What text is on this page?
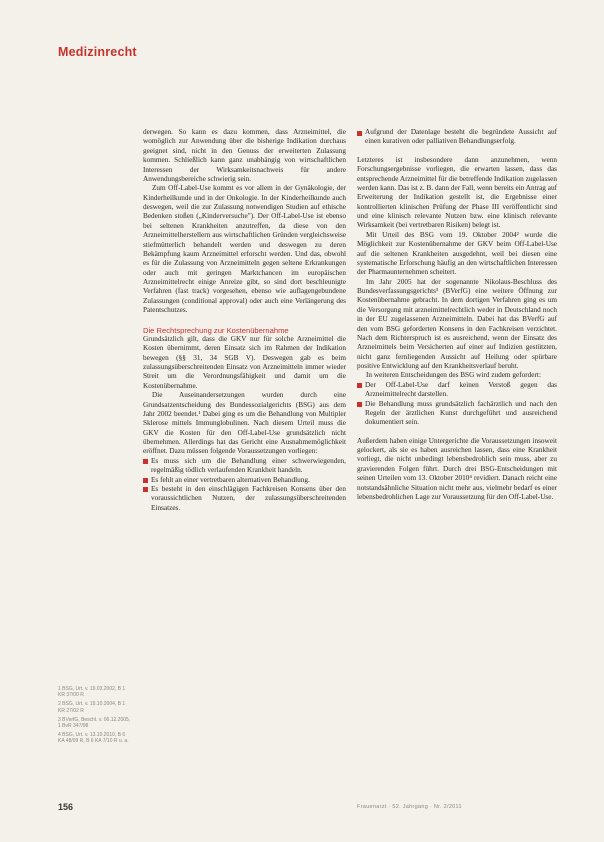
Medizinrecht

derwegen. So kann es dazu kommen, dass Arzneimittel, die womöglich zur Anwendung über die bisherige Indikation durchaus geeignet sind, nicht in den Genuss der erweiterten Zulassung kommen. Schließlich kann ganz unabhängig von wirtschaftlichen Interessen der Wirksamkeitsnachweis für andere Anwendungsbereiche schwierig sein.

Zum Off-Label-Use kommt es vor allem in der Gynäkologie, der Kinderheilkunde und in der Onkologie. In der Kinderheilkunde auch deswegen, weil die zur Zulassung notwendigen Studien auf ethische Bedenken stoßen („Kinderversuche"). Der Off-Label-Use ist ebenso bei seltenen Krankheiten anzutreffen, da diese von den Arzneimittelherstellern aus wirtschaftlichen Gründen vergleichsweise stiefmütterlich behandelt werden und deswegen zu deren Bekämpfung kaum Arzneimittel erforscht werden. Und das, obwohl es für die Zulassung von Arzneimitteln gegen seltene Erkrankungen oder auch mit geringen Marktchancen im europäischen Arzneimittelrecht einige Anreize gibt, so sind dort beschleunigte Verfahren (fast track) vorgesehen, ebenso wie auflagengebundene Zulassungen (conditional approval) oder auch eine Verlängerung des Patentschutzes.

Die Rechtsprechung zur Kostenübernahme

Grundsätzlich gilt, dass die GKV nur für solche Arzneimittel die Kosten übernimmt, deren Einsatz sich im Rahmen der Indikation bewegen (§§ 31, 34 SGB V). Deswegen gab es beim zulassungsüberschreitenden Einsatz von Arzneimitteln immer wieder Streit um die Verordnungsfähigkeit und damit um die Kostenübernahme.

Die Auseinandersetzungen wurden durch eine Grundsatzentscheidung des Bundessozialgerichts (BSG) aus dem Jahr 2002 beendet.¹ Dabei ging es um die Behandlung von Multipler Sklerose mittels Immunglobulinen. Nach diesem Urteil muss die GKV die Kosten für den Off-Label-Use grundsätzlich nicht übernehmen. Allerdings hat das Gericht eine Ausnahmemöglichkeit eröffnet. Dazu müssen folgende Voraussetzungen vorliegen:

Es muss sich um die Behandlung einer schwerwiegenden, regelmäßig tödlich verlaufenden Krankheit handeln.
Es fehlt an einer vertretbaren alternativen Behandlung.
Es besteht in den einschlägigen Fachkreisen Konsens über den voraussichtlichen Nutzen, der zulassungsüberschreitenden Einsatzes.
Aufgrund der Datenlage besteht die begründete Aussicht auf einen kurativen oder palliativen Behandlungserfolg.

Letzteres ist insbesondere dann anzunehmen, wenn Forschungsergebnisse vorliegen, die erwarten lassen, dass das entsprechende Arzneimittel für die betreffende Indikation zugelassen werden kann. Das ist z. B. dann der Fall, wenn bereits ein Antrag auf Erweiterung der Indikation gestellt ist, die Ergebnisse einer kontrollierten klinischen Prüfung der Phase III veröffentlicht sind und eine klinisch relevante Nutzen bzw. eine klinisch relevante Wirksamkeit (bei vertretbaren Risiken) belegt ist.

Mit Urteil des BSG vom 19. Oktober 2004² wurde die Möglichkeit zur Kostenübernahme der GKV beim Off-Label-Use auf die seltenen Krankheiten ausgedehnt, weil bei diesen eine systematische Erforschung häufig an den wirtschaftlichen Interessen der Pharmaunternehmen scheitert.

Im Jahr 2005 hat der sogenannte Nikolaus-Beschluss des Bundesverfassungsgerichts³ (BVerfG) eine weitere Öffnung zur Kostenübernahme gebracht. In dem dortigen Verfahren ging es um die Versorgung mit arzneimittelrechtlich weder in Deutschland noch in der EU zugelassenen Arzneimitteln. Dabei hat das BVerfG auf den vom BSG geforderten Konsens in den Fachkreisen verzichtet. Nach dem Richterspruch ist es ausreichend, wenn der Einsatz des Arzneimittels beim Versicherten auf einer auf Indizien gestützten, nicht ganz fernliegenden Aussicht auf Heilung oder spürbare positive Entwicklung auf den Krankheitsverlauf beruht.

In weiteren Entscheidungen des BSG wird zudem gefordert:

Der Off-Label-Use darf keinen Verstoß gegen das Arzneimittelrecht darstellen.
Die Behandlung muss grundsätzlich fachärztlich und nach den Regeln der ärztlichen Kunst durchgeführt und ausreichend dokumentiert sein.

Außerdem haben einige Untergerichte die Voraussetzungen insoweit gelockert, als sie es haben ausreichen lassen, dass eine Krankheit vorliegt, die nicht unbedingt lebensbedrohlich sein muss, aber zu gravierenden Folgen führt. Durch drei BSG-Entscheidungen mit seinen Urteilen vom 13. Oktober 2010⁴ revidiert. Danach reicht eine notstandsähnliche Situation nicht mehr aus, vielmehr bedarf es einer lebensbedrohlichen Lage zur Voraussetzung für den Off-Label-Use.

1 BSG, Urt. v. 19.03.2002, B 1 KR 37/00 R
2 BSG, Urt. v. 19.10.2004, B 1 KR 27/02 R
3 BVerfG, Beschl. v. 06.12.2005, 1 BvR 347/98
4 BSG, Urt. v. 13.10.2010, B 6 KA 48/09 R, B 6 KA 7/10 R u. a.
156	Frauenarzt · 52. Jahrgang · Nr. 2/2011
